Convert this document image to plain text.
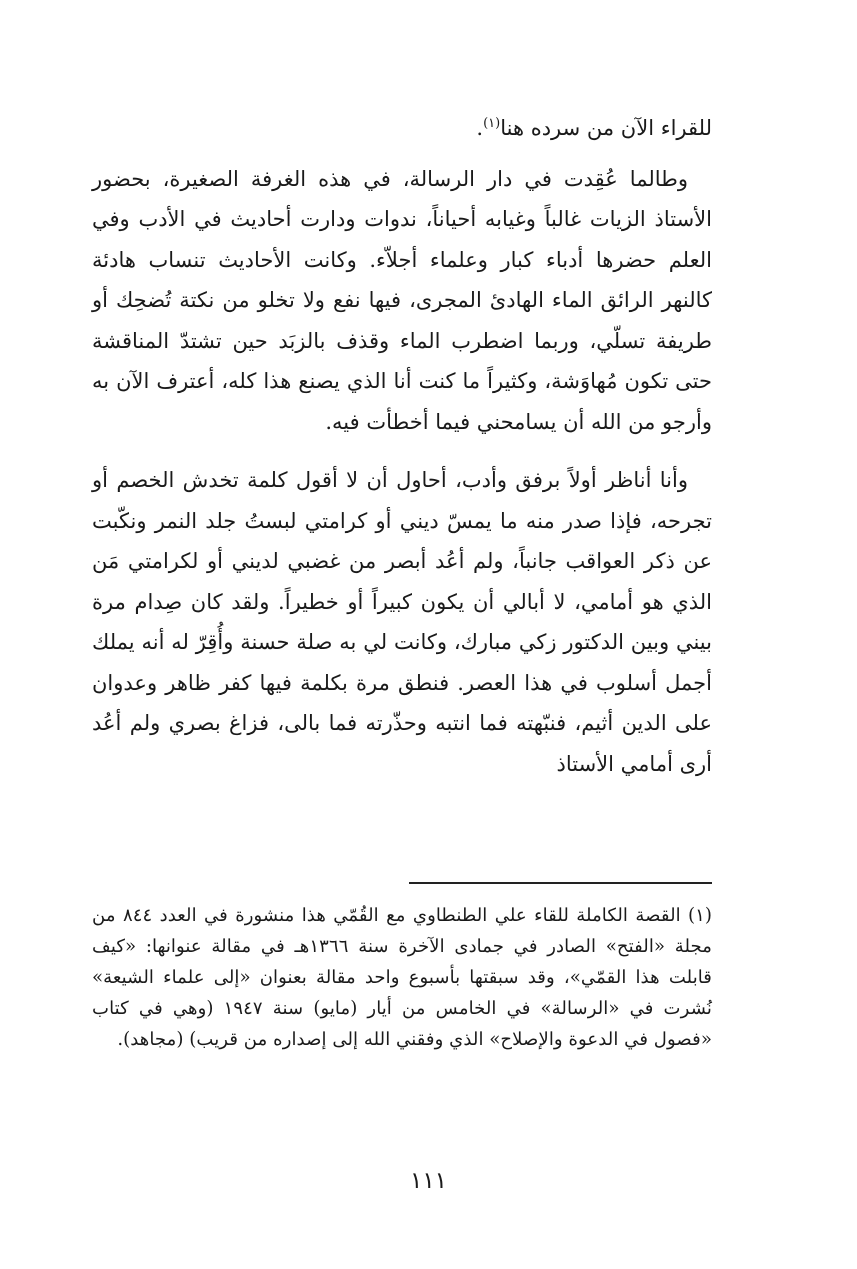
للقراء الآن من سرده هنا$^{(١)}$.

وطالما عُقِدت في دار الرسالة، في هذه الغرفة الصغيرة، بحضور الأستاذ الزيات غالباً وغيابه أحياناً، ندوات ودارت أحاديث في الأدب وفي العلم حضرها أدباء كبار وعلماء أجلاّء. وكانت الأحاديث تنساب هادئة كالنهر الرائق الماء الهادئ المجرى، فيها نفع ولا تخلو من نكتة تُضحِك أو طريفة تسلّي، وربما اضطرب الماء وقذف بالزبَد حين تشتدّ المناقشة حتى تكون مُهاوَشة، وكثيراً ما كنت أنا الذي يصنع هذا كله، أعترف الآن به وأرجو من الله أن يسامحني فيما أخطأت فيه.

وأنا أناظر أولاً برفق وأدب، أحاول أن لا أقول كلمة تخدش الخصم أو تجرحه، فإذا صدر منه ما يمسّ ديني أو كرامتي لبستُ جلد النمر ونكّبت عن ذكر العواقب جانباً، ولم أعُد أبصر من غضبي لديني أو لكرامتي مَن الذي هو أمامي، لا أبالي أن يكون كبيراً أو خطيراً. ولقد كان صِدام مرة بيني وبين الدكتور زكي مبارك، وكانت لي به صلة حسنة وأُقِرّ له أنه يملك أجمل أسلوب في هذا العصر. فنطق مرة بكلمة فيها كفر ظاهر وعدوان على الدين أثيم، فنبّهته فما انتبه وحذّرته فما بالى، فزاغ بصري ولم أعُد أرى أمامي الأستاذ

(١) القصة الكاملة للقاء علي الطنطاوي مع القُمّي هذا منشورة في العدد ٨٤٤ من مجلة «الفتح» الصادر في جمادى الآخرة سنة ١٣٦٦هـ في مقالة عنوانها: «كيف قابلت هذا القمّي»، وقد سبقتها بأسبوع واحد مقالة بعنوان «إلى علماء الشيعة» نُشرت في «الرسالة» في الخامس من أيار (مايو) سنة ١٩٤٧ (وهي في كتاب «فصول في الدعوة والإصلاح» الذي وفقني الله إلى إصداره من قريب) (مجاهد).

١١١
